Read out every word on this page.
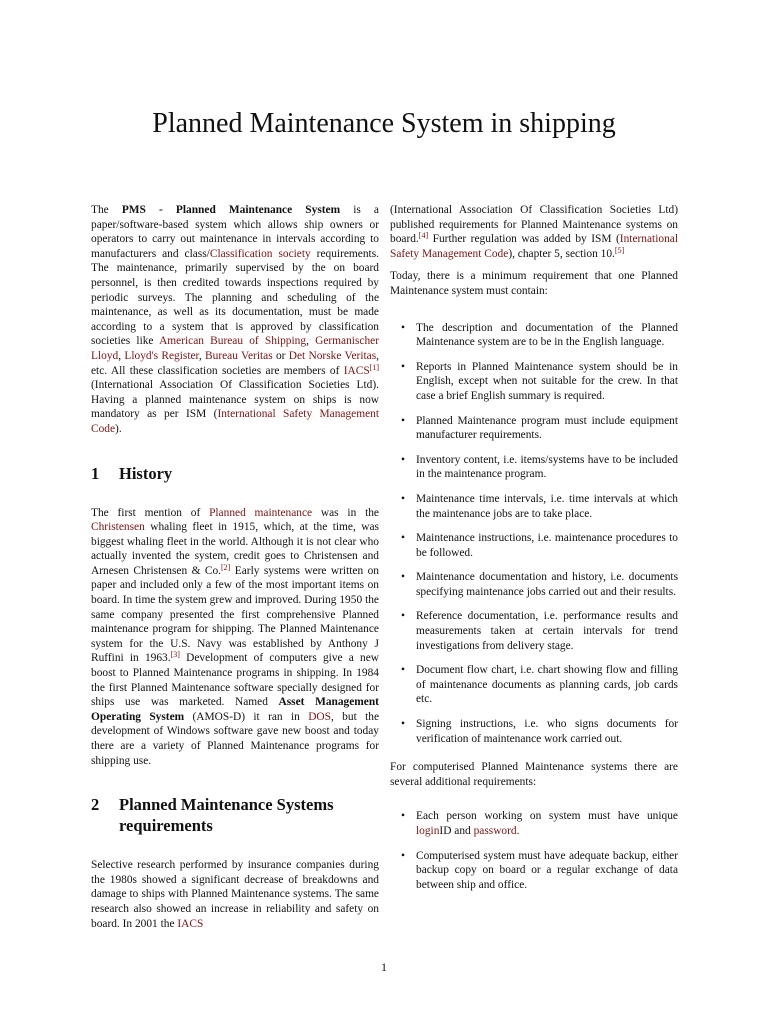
Planned Maintenance System in shipping

The PMS - Planned Maintenance System is a paper/software-based system which allows ship owners or operators to carry out maintenance in intervals according to manufacturers and class/Classification society requirements. The maintenance, primarily supervised by the on board personnel, is then credited towards inspections required by periodic surveys. The planning and scheduling of the maintenance, as well as its documentation, must be made according to a system that is approved by classification societies like American Bureau of Shipping, Germanischer Lloyd, Lloyd's Register, Bureau Veritas or Det Norske Veritas, etc. All these classification societies are members of IACS[1] (International Association Of Classification Societies Ltd). Having a planned maintenance system on ships is now mandatory as per ISM (International Safety Management Code).

1	History

The first mention of Planned maintenance was in the Christensen whaling fleet in 1915, which, at the time, was biggest whaling fleet in the world. Although it is not clear who actually invented the system, credit goes to Christensen and Arnesen Christensen & Co.[2] Early systems were written on paper and included only a few of the most important items on board. In time the system grew and improved. During 1950 the same company presented the first comprehensive Planned maintenance program for shipping. The Planned Maintenance system for the U.S. Navy was established by Anthony J Ruffini in 1963.[3] Development of computers give a new boost to Planned Maintenance programs in shipping. In 1984 the first Planned Maintenance software specially designed for ships use was marketed. Named Asset Management Operating System (AMOS-D) it ran in DOS, but the development of Windows software gave new boost and today there are a variety of Planned Maintenance programs for shipping use.

2	Planned Maintenance Systems requirements

Selective research performed by insurance companies during the 1980s showed a significant decrease of breakdowns and damage to ships with Planned Maintenance systems. The same research also showed an increase in reliability and safety on board. In 2001 the IACS

(International Association Of Classification Societies Ltd) published requirements for Planned Maintenance systems on board.[4] Further regulation was added by ISM (International Safety Management Code), chapter 5, section 10.[5]

Today, there is a minimum requirement that one Planned Maintenance system must contain:

• The description and documentation of the Planned Maintenance system are to be in the English language.
• Reports in Planned Maintenance system should be in English, except when not suitable for the crew. In that case a brief English summary is required.
• Planned Maintenance program must include equipment manufacturer requirements.
• Inventory content, i.e. items/systems have to be included in the maintenance program.
• Maintenance time intervals, i.e. time intervals at which the maintenance jobs are to take place.
• Maintenance instructions, i.e. maintenance procedures to be followed.
• Maintenance documentation and history, i.e. documents specifying maintenance jobs carried out and their results.
• Reference documentation, i.e. performance results and measurements taken at certain intervals for trend investigations from delivery stage.
• Document flow chart, i.e. chart showing flow and filling of maintenance documents as planning cards, job cards etc.
• Signing instructions, i.e. who signs documents for verification of maintenance work carried out.

For computerised Planned Maintenance systems there are several additional requirements:

• Each person working on system must have unique loginID and password.
• Computerised system must have adequate backup, either backup copy on board or a regular exchange of data between ship and office.
1
